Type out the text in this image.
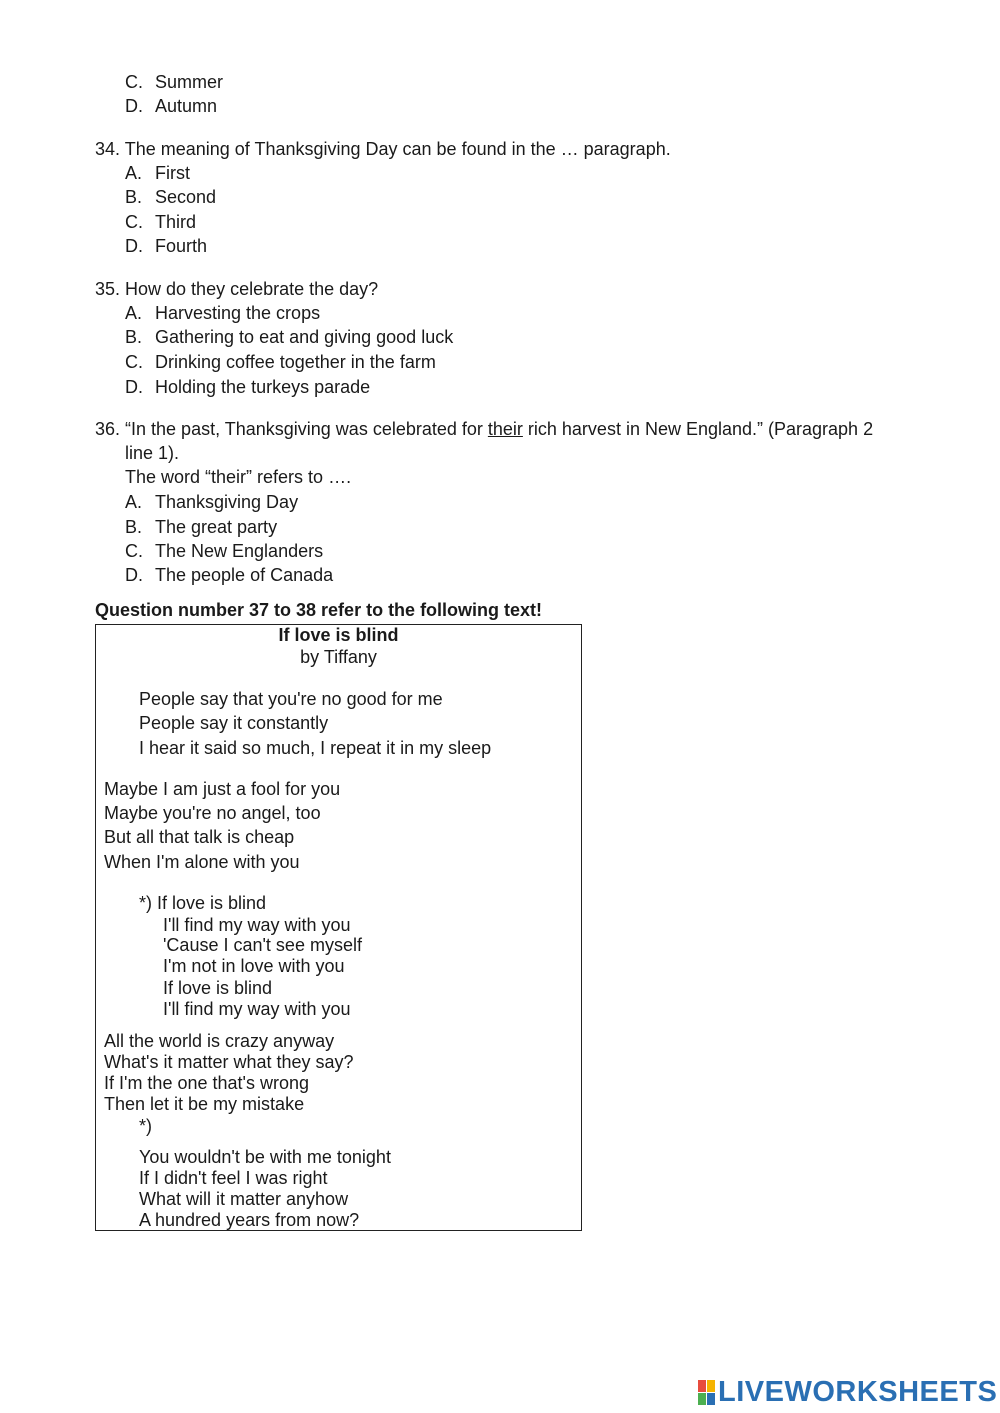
C. Summer
D. Autumn
34. The meaning of Thanksgiving Day can be found in the … paragraph.
A. First
B. Second
C. Third
D. Fourth
35. How do they celebrate the day?
A. Harvesting the crops
B. Gathering to eat and giving good luck
C. Drinking coffee together in the farm
D. Holding the turkeys parade
36. “In the past, Thanksgiving was celebrated for their rich harvest in New England.” (Paragraph 2
line 1).
The word “their” refers to ….
A. Thanksgiving Day
B. The great party
C. The New Englanders
D. The people of Canada
Question number 37 to 38 refer to the following text!
If love is blind
by Tiffany
People say that you're no good for me
People say it constantly
I hear it said so much, I repeat it in my sleep
Maybe I am just a fool for you
Maybe you're no angel, too
But all that talk is cheap
When I'm alone with you
*) If love is blind
I'll find my way with you
'Cause I can't see myself
I'm not in love with you
If love is blind
I'll find my way with you
All the world is crazy anyway
What's it matter what they say?
If I'm the one that's wrong
Then let it be my mistake
*)
You wouldn't be with me tonight
If I didn't feel I was right
What will it matter anyhow
A hundred years from now?
LIVEWORKSHEETS
